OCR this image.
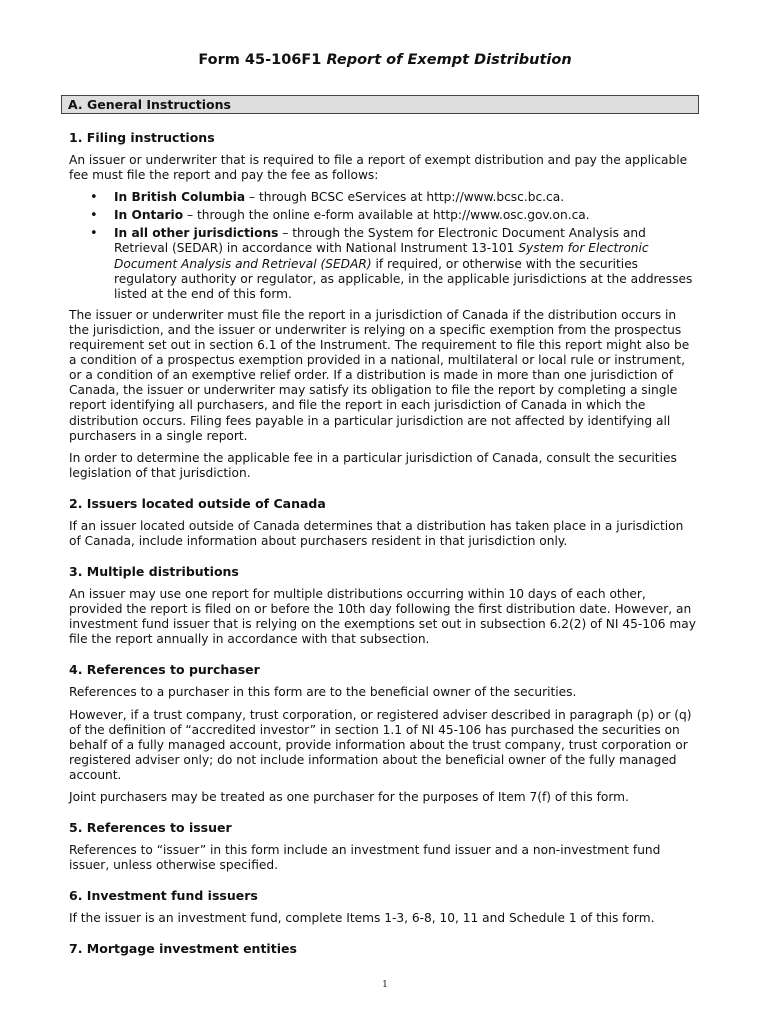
Form 45-106F1 Report of Exempt Distribution
A. General Instructions
1. Filing instructions

An issuer or underwriter that is required to file a report of exempt distribution and pay the applicable fee must file the report and pay the fee as follows:

• In British Columbia – through BCSC eServices at http://www.bcsc.bc.ca.
• In Ontario – through the online e-form available at http://www.osc.gov.on.ca.
• In all other jurisdictions – through the System for Electronic Document Analysis and Retrieval (SEDAR) in accordance with National Instrument 13-101 System for Electronic Document Analysis and Retrieval (SEDAR) if required, or otherwise with the securities regulatory authority or regulator, as applicable, in the applicable jurisdictions at the addresses listed at the end of this form.

The issuer or underwriter must file the report in a jurisdiction of Canada if the distribution occurs in the jurisdiction, and the issuer or underwriter is relying on a specific exemption from the prospectus requirement set out in section 6.1 of the Instrument. The requirement to file this report might also be a condition of a prospectus exemption provided in a national, multilateral or local rule or instrument, or a condition of an exemptive relief order. If a distribution is made in more than one jurisdiction of Canada, the issuer or underwriter may satisfy its obligation to file the report by completing a single report identifying all purchasers, and file the report in each jurisdiction of Canada in which the distribution occurs. Filing fees payable in a particular jurisdiction are not affected by identifying all purchasers in a single report.

In order to determine the applicable fee in a particular jurisdiction of Canada, consult the securities legislation of that jurisdiction.

2. Issuers located outside of Canada

If an issuer located outside of Canada determines that a distribution has taken place in a jurisdiction of Canada, include information about purchasers resident in that jurisdiction only.

3. Multiple distributions

An issuer may use one report for multiple distributions occurring within 10 days of each other, provided the report is filed on or before the 10th day following the first distribution date. However, an investment fund issuer that is relying on the exemptions set out in subsection 6.2(2) of NI 45-106 may file the report annually in accordance with that subsection.

4. References to purchaser

References to a purchaser in this form are to the beneficial owner of the securities.

However, if a trust company, trust corporation, or registered adviser described in paragraph (p) or (q) of the definition of “accredited investor” in section 1.1 of NI 45-106 has purchased the securities on behalf of a fully managed account, provide information about the trust company, trust corporation or registered adviser only; do not include information about the beneficial owner of the fully managed account.

Joint purchasers may be treated as one purchaser for the purposes of Item 7(f) of this form.

5. References to issuer

References to “issuer” in this form include an investment fund issuer and a non-investment fund issuer, unless otherwise specified.

6. Investment fund issuers

If the issuer is an investment fund, complete Items 1-3, 6-8, 10, 11 and Schedule 1 of this form.

7. Mortgage investment entities
1
